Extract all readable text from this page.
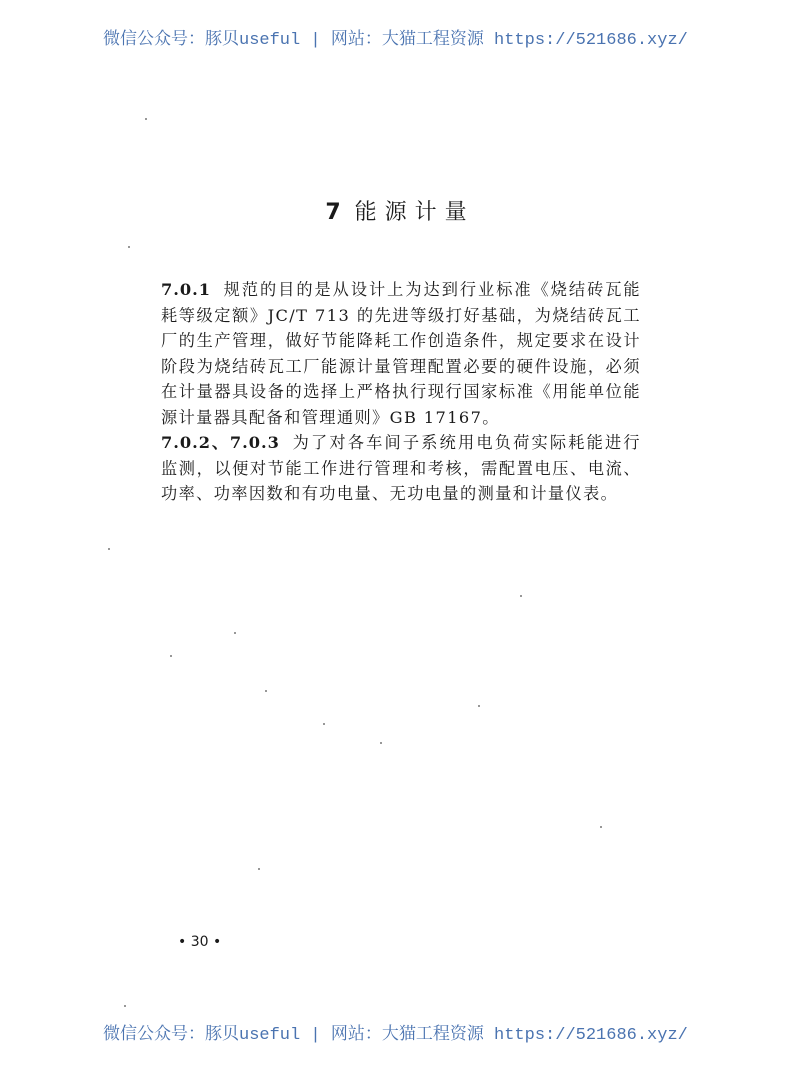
微信公众号：豚贝useful | 网站：大猫工程资源 https://521686.xyz/
7 能源计量

7.0.1 规范的目的是从设计上为达到行业标准《烧结砖瓦能耗等级定额》JC/T 713 的先进等级打好基础，为烧结砖瓦工厂的生产管理，做好节能降耗工作创造条件，规定要求在设计阶段为烧结砖瓦工厂能源计量管理配置必要的硬件设施，必须在计量器具设备的选择上严格执行现行国家标准《用能单位能源计量器具配备和管理通则》GB 17167。

7.0.2、7.0.3 为了对各车间子系统用电负荷实际耗能进行监测，以便对节能工作进行管理和考核，需配置电压、电流、功率、功率因数和有功电量、无功电量的测量和计量仪表。

• 30 •
微信公众号：豚贝useful | 网站：大猫工程资源 https://521686.xyz/
